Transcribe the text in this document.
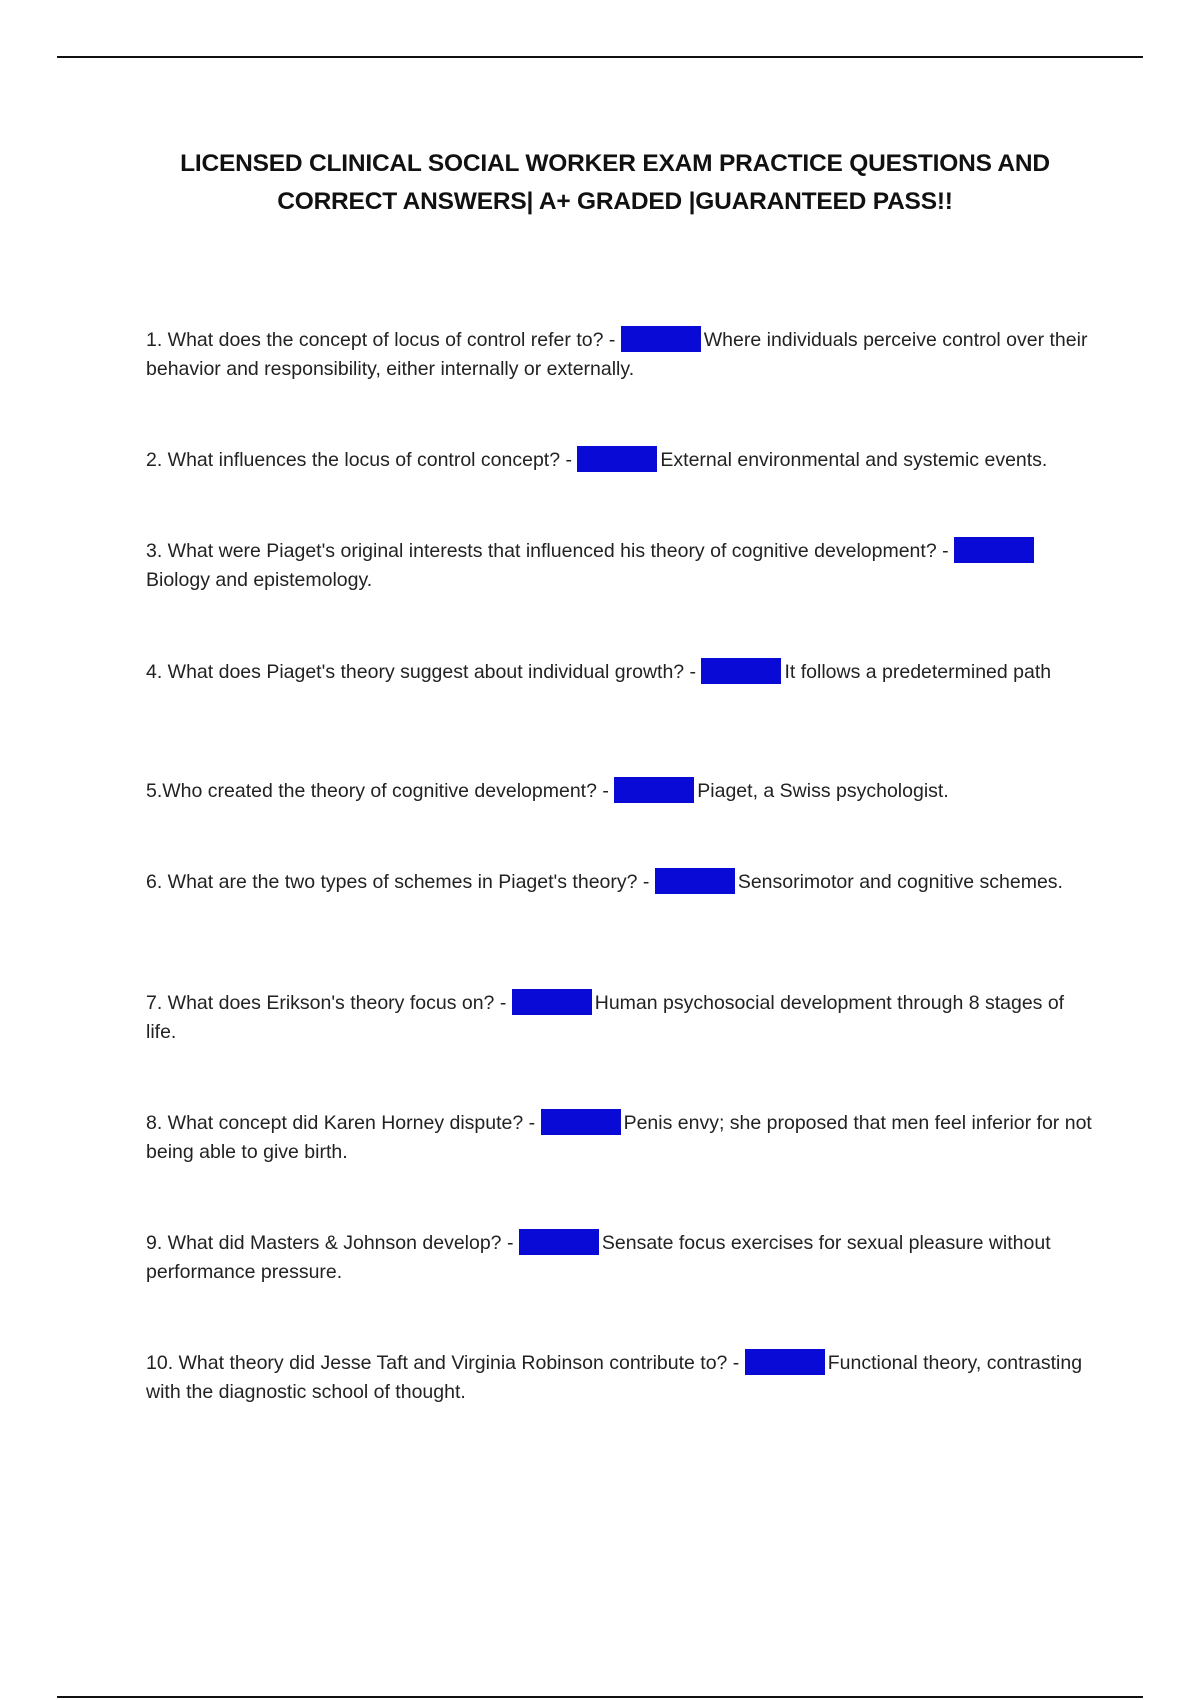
LICENSED CLINICAL SOCIAL WORKER EXAM PRACTICE QUESTIONS AND CORRECT ANSWERS| A+ GRADED |GUARANTEED PASS!!
1. What does the concept of locus of control refer to? - ANSWER Where individuals perceive control over their behavior and responsibility, either internally or externally.
2. What influences the locus of control concept? - ANSWER External environmental and systemic events.
3. What were Piaget's original interests that influenced his theory of cognitive development? - ANSWERBiology and epistemology.
4. What does Piaget's theory suggest about individual growth? - ANSWER It follows a predetermined path
5.Who created the theory of cognitive development? - ANSWER Piaget, a Swiss psychologist.
6. What are the two types of schemes in Piaget's theory? - ANSWER Sensorimotor and cognitive schemes.
7. What does Erikson's theory focus on? - ANSWER Human psychosocial development through 8 stages of life.
8. What concept did Karen Horney dispute? - ANSWER Penis envy; she proposed that men feel inferior for not being able to give birth.
9. What did Masters & Johnson develop? - ANSWER Sensate focus exercises for sexual pleasure without performance pressure.
10. What theory did Jesse Taft and Virginia Robinson contribute to? - ANSWER Functional theory, contrasting with the diagnostic school of thought.
